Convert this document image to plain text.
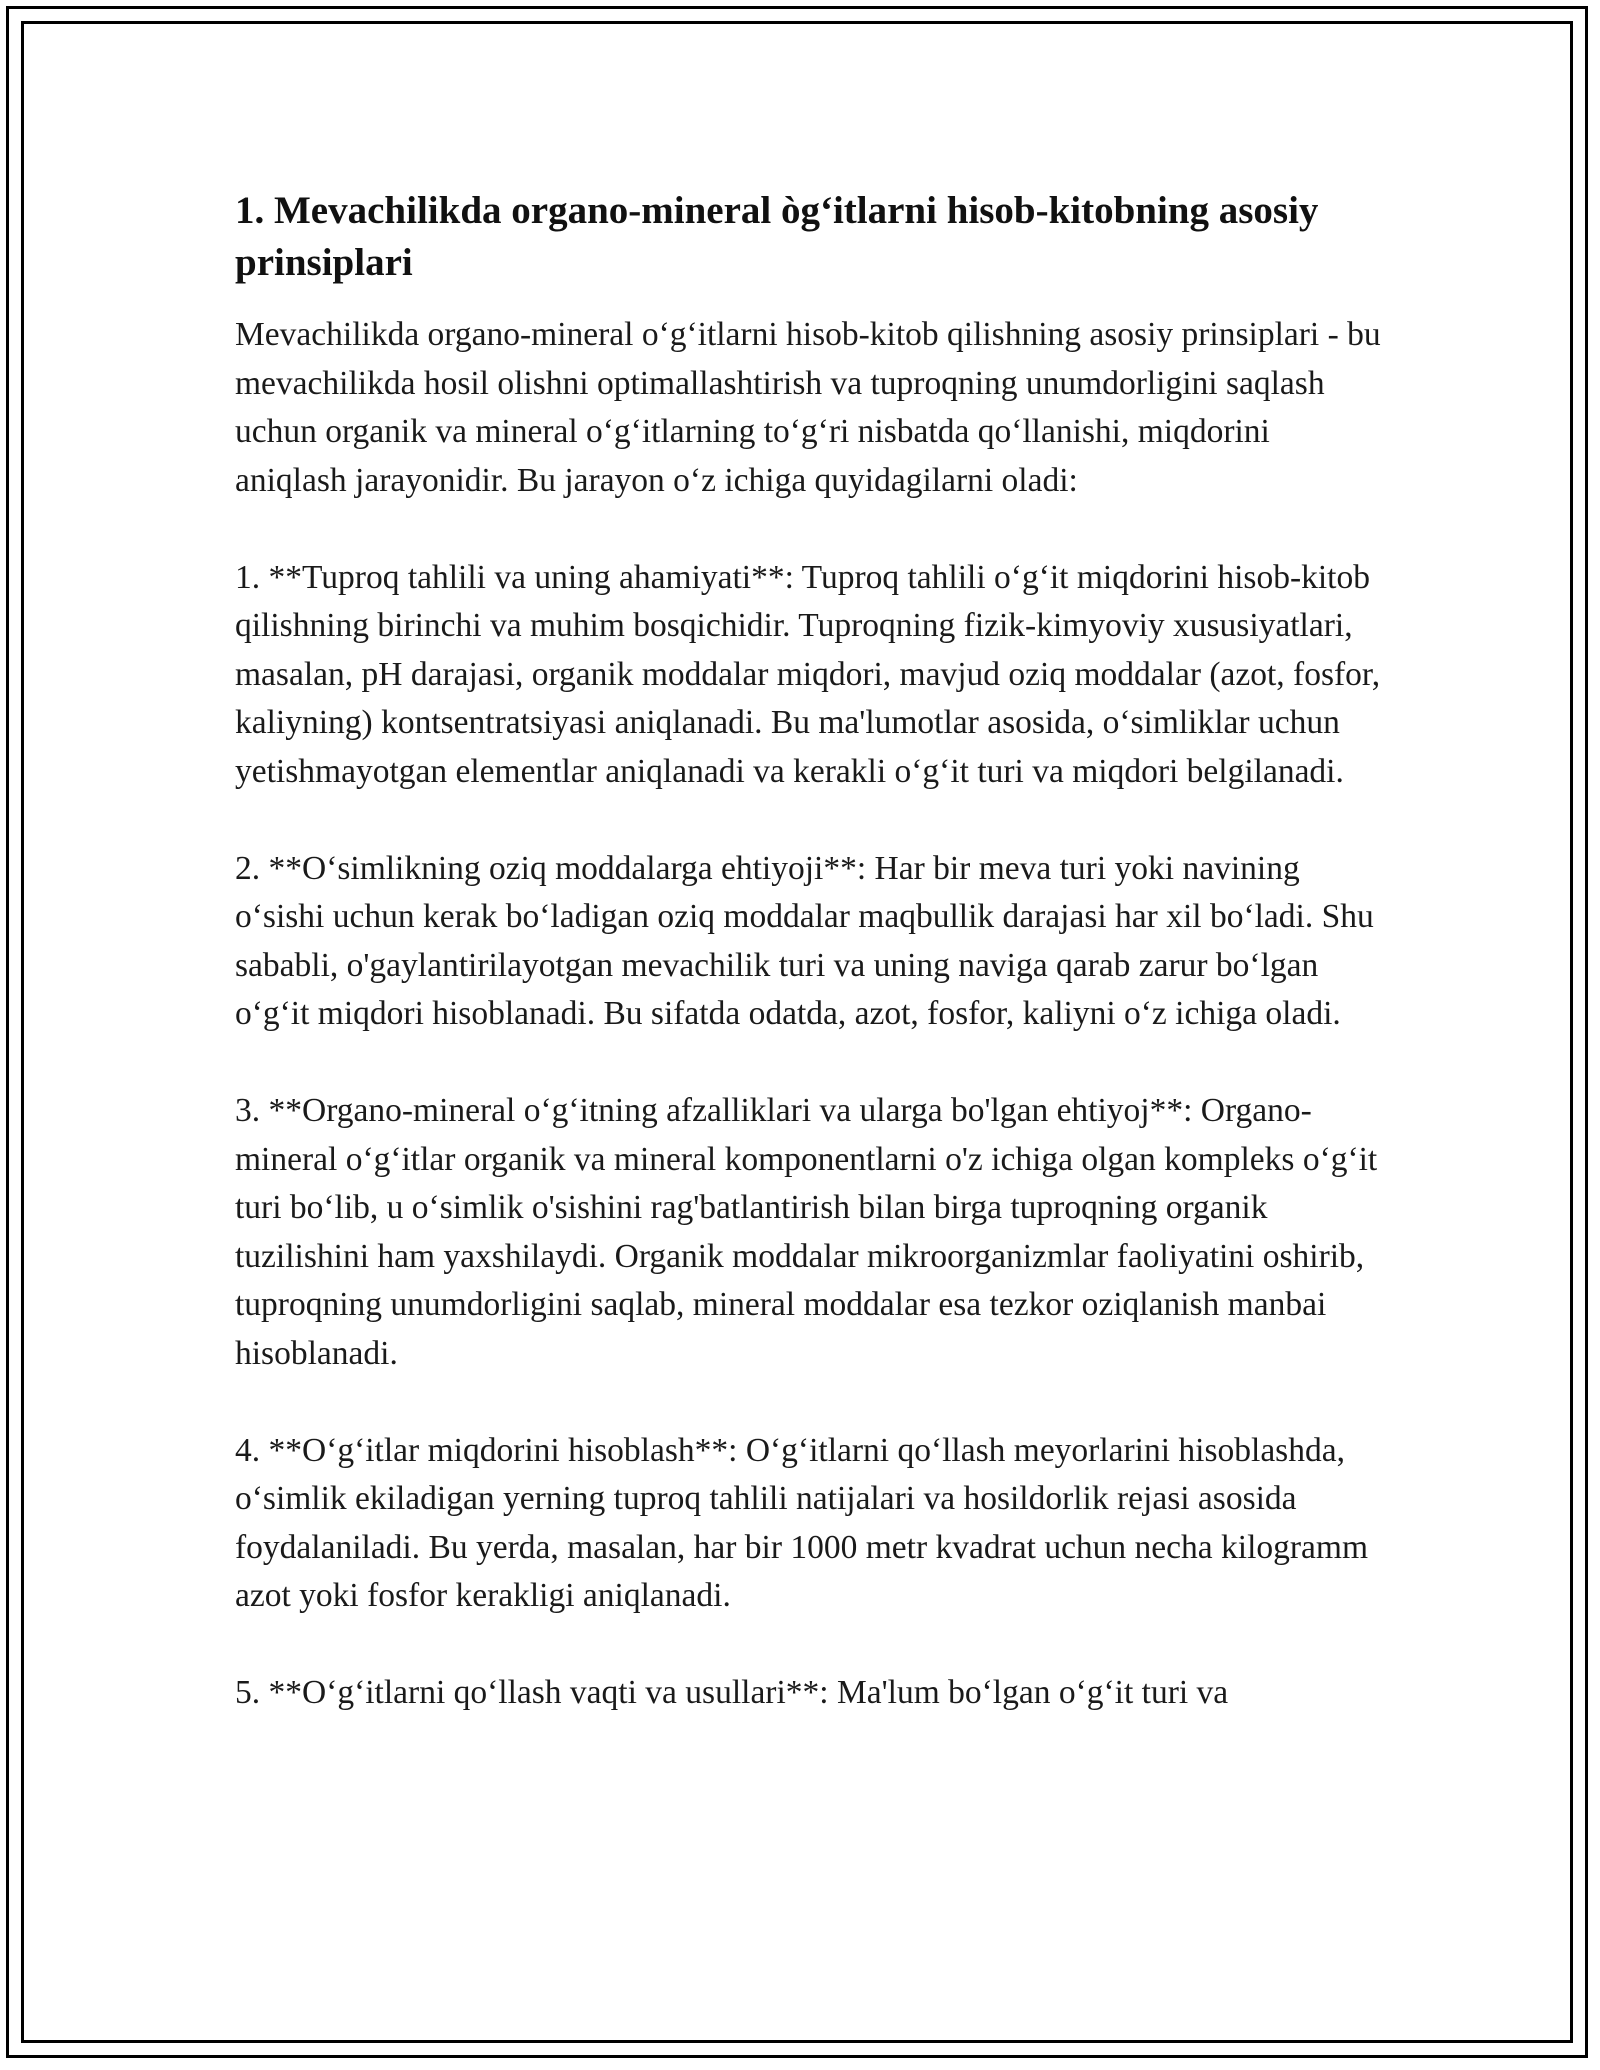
1. Mevachilikda organo-mineral òg‘itlarni hisob-kitobning asosiy prinsiplari

Mevachilikda organo-mineral o‘g‘itlarni hisob-kitob qilishning asosiy prinsiplari - bu mevachilikda hosil olishni optimallashtirish va tuproqning unumdorligini saqlash uchun organik va mineral o‘g‘itlarning to‘g‘ri nisbatda qo‘llanishi, miqdorini aniqlash jarayonidir. Bu jarayon o‘z ichiga quyidagilarni oladi:

1. **Tuproq tahlili va uning ahamiyati**: Tuproq tahlili o‘g‘it miqdorini hisob-kitob qilishning birinchi va muhim bosqichidir. Tuproqning fizik-kimyoviy xususiyatlari, masalan, pH darajasi, organik moddalar miqdori, mavjud oziq moddalar (azot, fosfor, kaliyning) kontsentratsiyasi aniqlanadi. Bu ma'lumotlar asosida, o‘simliklar uchun yetishmayotgan elementlar aniqlanadi va kerakli o‘g‘it turi va miqdori belgilanadi.

2. **O‘simlikning oziq moddalarga ehtiyoji**: Har bir meva turi yoki navining o‘sishi uchun kerak bo‘ladigan oziq moddalar maqbullik darajasi har xil bo‘ladi. Shu sababli, o'gaylantirilayotgan mevachilik turi va uning naviga qarab zarur bo‘lgan o‘g‘it miqdori hisoblanadi. Bu sifatda odatda, azot, fosfor, kaliyni o‘z ichiga oladi.

3. **Organo-mineral o‘g‘itning afzalliklari va ularga bo'lgan ehtiyoj**: Organo-mineral o‘g‘itlar organik va mineral komponentlarni o'z ichiga olgan kompleks o‘g‘it turi bo‘lib, u o‘simlik o'sishini rag'batlantirish bilan birga tuproqning organik tuzilishini ham yaxshilaydi. Organik moddalar mikroorganizmlar faoliyatini oshirib, tuproqning unumdorligini saqlab, mineral moddalar esa tezkor oziqlanish manbai hisoblanadi.

4. **O‘g‘itlar miqdorini hisoblash**: O‘g‘itlarni qo‘llash meyorlarini hisoblashda, o‘simlik ekiladigan yerning tuproq tahlili natijalari va hosildorlik rejasi asosida foydalaniladi. Bu yerda, masalan, har bir 1000 metr kvadrat uchun necha kilogramm azot yoki fosfor kerakligi aniqlanadi.

5. **O‘g‘itlarni qo‘llash vaqti va usullari**: Ma'lum bo‘lgan o‘g‘it turi va
